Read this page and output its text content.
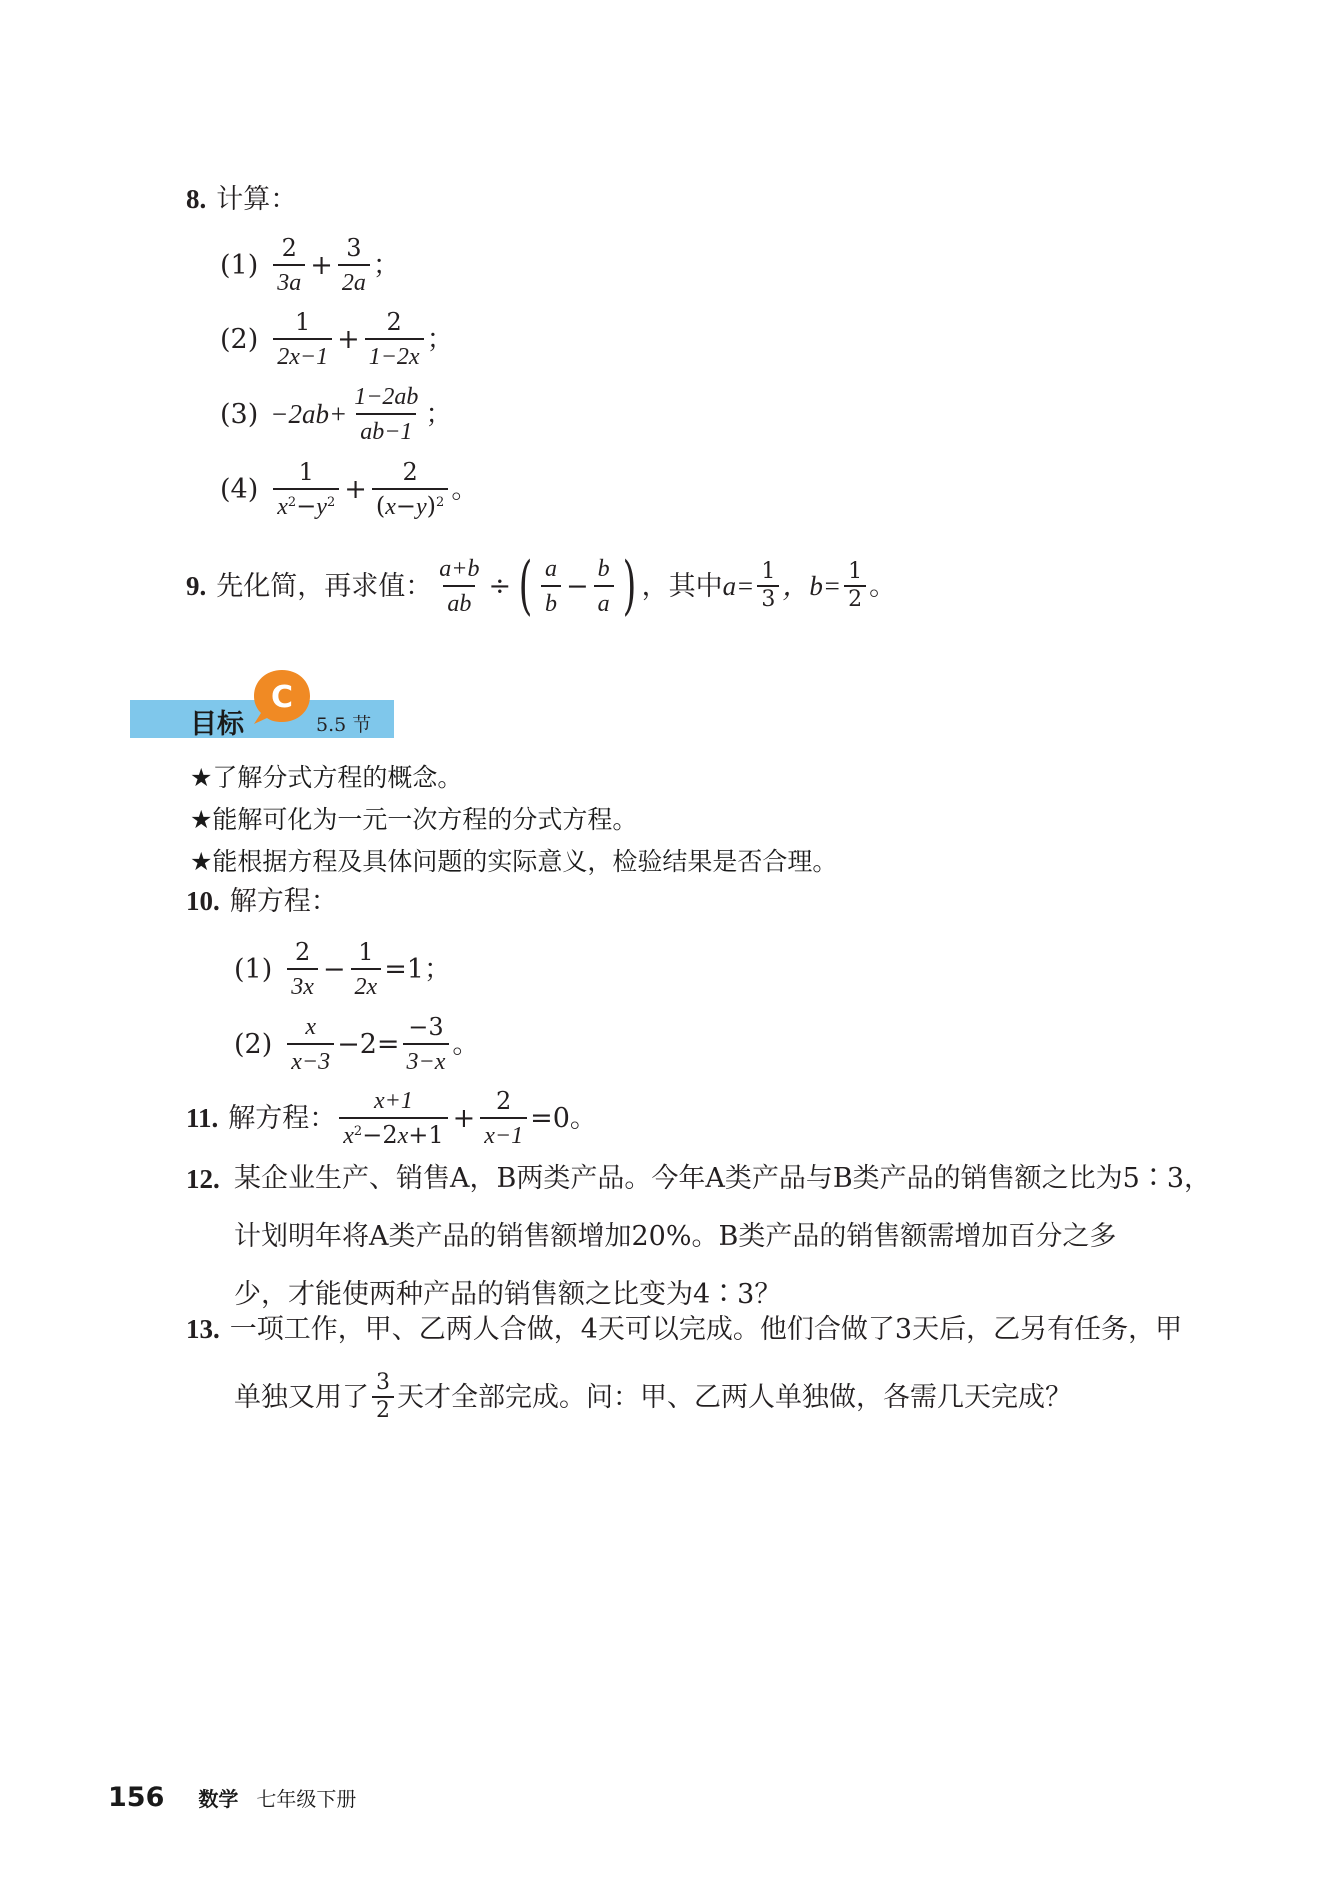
8. 计算：
(1)
2
3a
+ $\frac{3}{2a}$ ；
(2)
1
2x−1
+ $\frac{2}{1-2x}$ ；
$(3) -2ab+ \frac{1-2ab}{ab-1}$ ；
(4)
1
$x^2-y^2 + \frac{2}{(x-y)^2}$ 。
9. 先化简，再求值： $\frac{a+b}{ab}$ ÷ ( a
b
− $\frac{b}{a}$ ) ，其中 $a= \frac{1}{3}$ ，$b= \frac{1}{2}$ 。
目标
C
5.5 节
★了解分式方程的概念。
★能解可化为一元一次方程的分式方程。
★能根据方程及具体问题的实际意义，检验结果是否合理。
10. 解方程：
(1)
2
3x
− $\frac{1}{2x} =1$；
(2)
x
x−3
$-2= \frac{-3}{3-x}$ 。
11. 解方程：
x+1
$x^2-2x+1$
+ $\frac{2}{x-1} =0$。
12. 某企业生产、销售A，B两类产品。今年A类产品与B类产品的销售额之比为5∶3，
计划明年将A类产品的销售额增加20%。B类产品的销售额需增加百分之多
少，才能使两种产品的销售额之比变为4∶3？
13. 一项工作，甲、乙两人合做，4天可以完成。他们合做了3天后，乙另有任务，甲
单独又用了 3
2 天才全部完成。问：甲、乙两人单独做，各需几天完成？
156 数学 七年级下册
